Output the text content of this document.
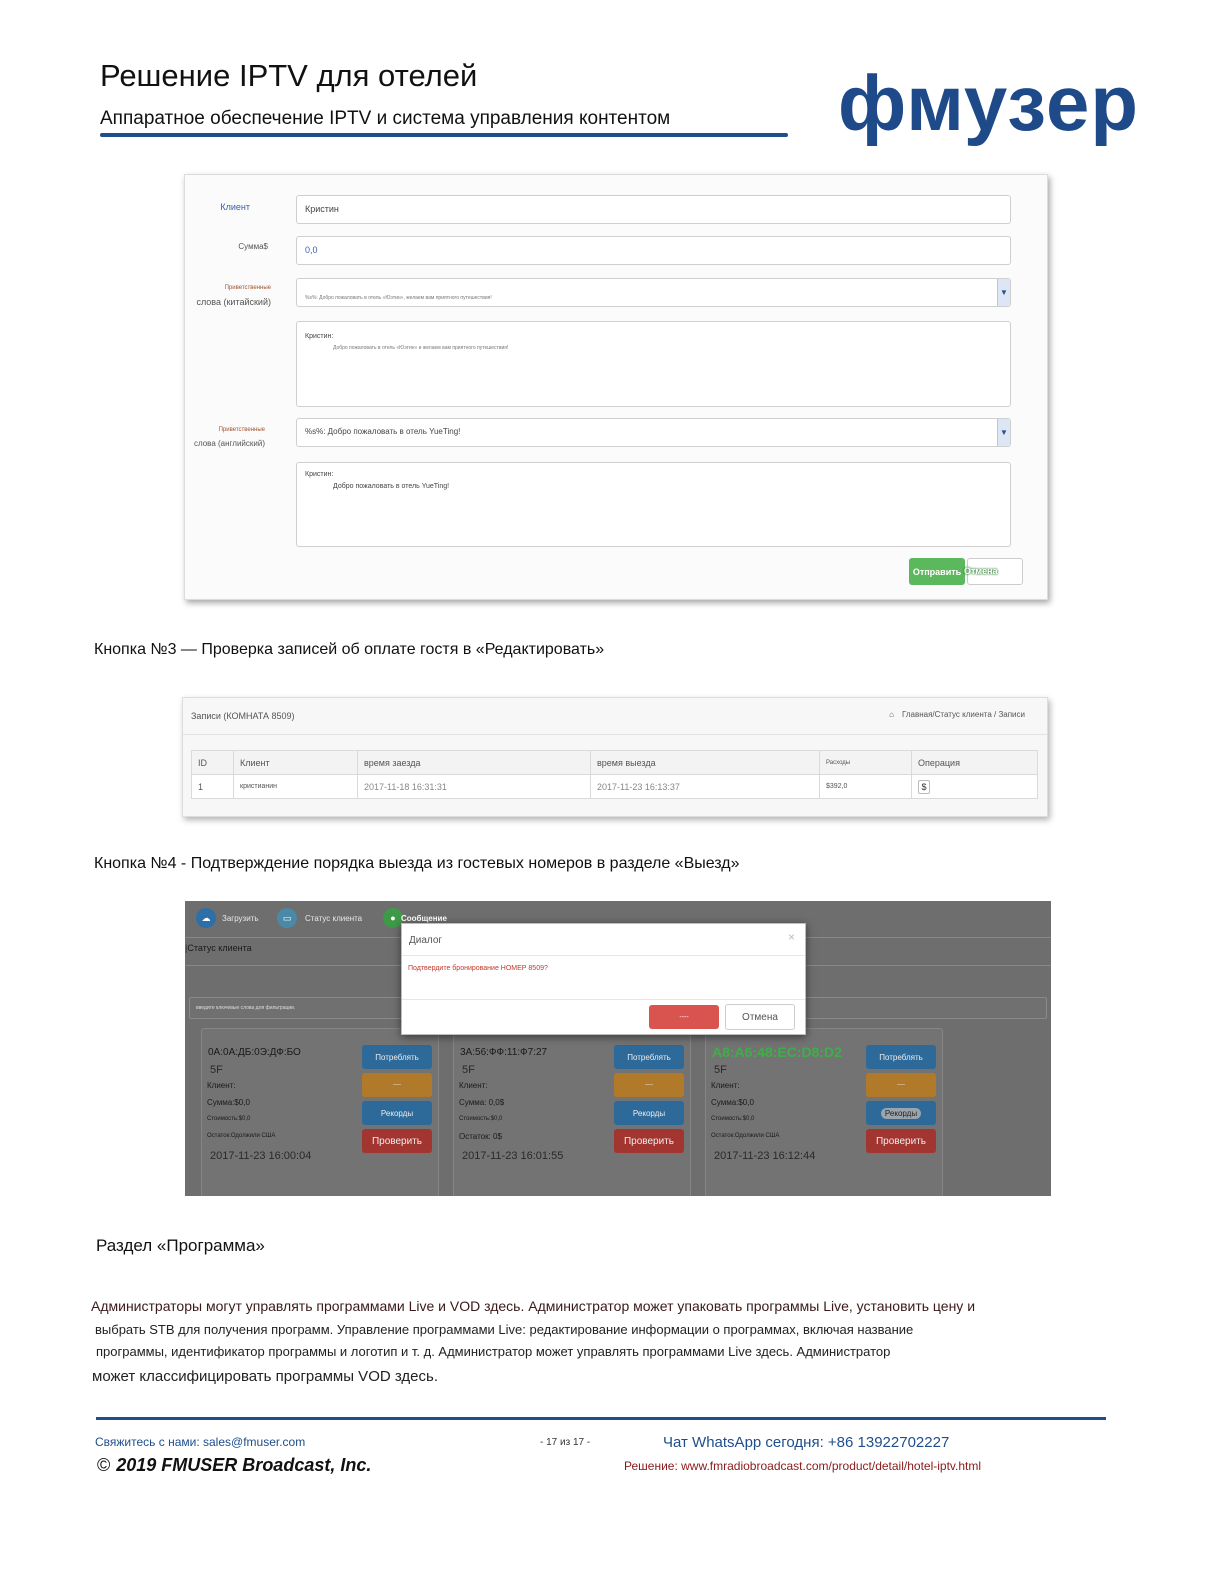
Решение IPTV для отелей
Аппаратное обеспечение IPTV и система управления контентом фмузер
Клиент	Кристин
Сумма$	0,0
Приветственные
слова (китайский)	%s%: Добро пожаловать в отель «Юэтин», желаем вам приятного путешествия!
▼
Кристин:
Добро пожаловать в отель «Юэтин» и желаем вам приятного путешествия!
Приветственные
слова (английский)
%s%: Добро пожаловать в отель YueTing!	▼
Кристин:
Добро пожаловать в отель YueTing!
Отправить Отмена
Кнопка №3 — Проверка записей об оплате гостя в «Редактировать»
Записи (КОМНАТА 8509)	⌂ Главная/Статус клиента / Записи
ID	Клиент	время заезда	время выезда	Расходы	Операция
1	кристианин	2017-11-18 16:31:31	2017-11-23 16:13:37	$392,0	$
Кнопка №4 - Подтверждение порядка выезда из гостевых номеров в разделе «Выезд»
☁	Загрузить	▭	Статус клиента	● Сообщение
|Статус клиента
введите ключевые слова для фильтрации.
0А:0А:ДБ:0Э:ДФ:БО
5F
Клиент:
Сумма:$0,0
Стоимость:$0,0
Остаток:Одолжили США
2017-11-23 16:00:04
Потреблять
----
Рекорды
Проверить
3А:56:ФФ:11:Ф7:27
5F
Клиент:
Сумма: 0,0$
Стоимость:$0,0
Остаток: 0$
2017-11-23 16:01:55
Потреблять
----
Рекорды
Проверить
A8:A6:48:EC:D8:D2
5F
Клиент:
Сумма:$0,0
Стоимость:$0,0
Остаток:Одолжили США
2017-11-23 16:12:44
Потреблять
----
Рекорды
Проверить
Диалог	×
Подтвердите бронирование НОМЕР 8509?
----	Отмена
Раздел «Программа»
Администраторы могут управлять программами Live и VOD здесь. Администратор может упаковать программы Live, установить цену и
выбрать STB для получения программ. Управление программами Live: редактирование информации о программах, включая название
программы, идентификатор программы и логотип и т. д. Администратор может управлять программами Live здесь. Администратор
может классифицировать программы VOD здесь.
Свяжитесь с нами: sales@fmuser.com	- 17 из 17 -	Чат WhatsApp сегодня: +86 13922702227
© 2019 FMUSER Broadcast, Inc.	Решение: www.fmradiobroadcast.com/product/detail/hotel-iptv.html
